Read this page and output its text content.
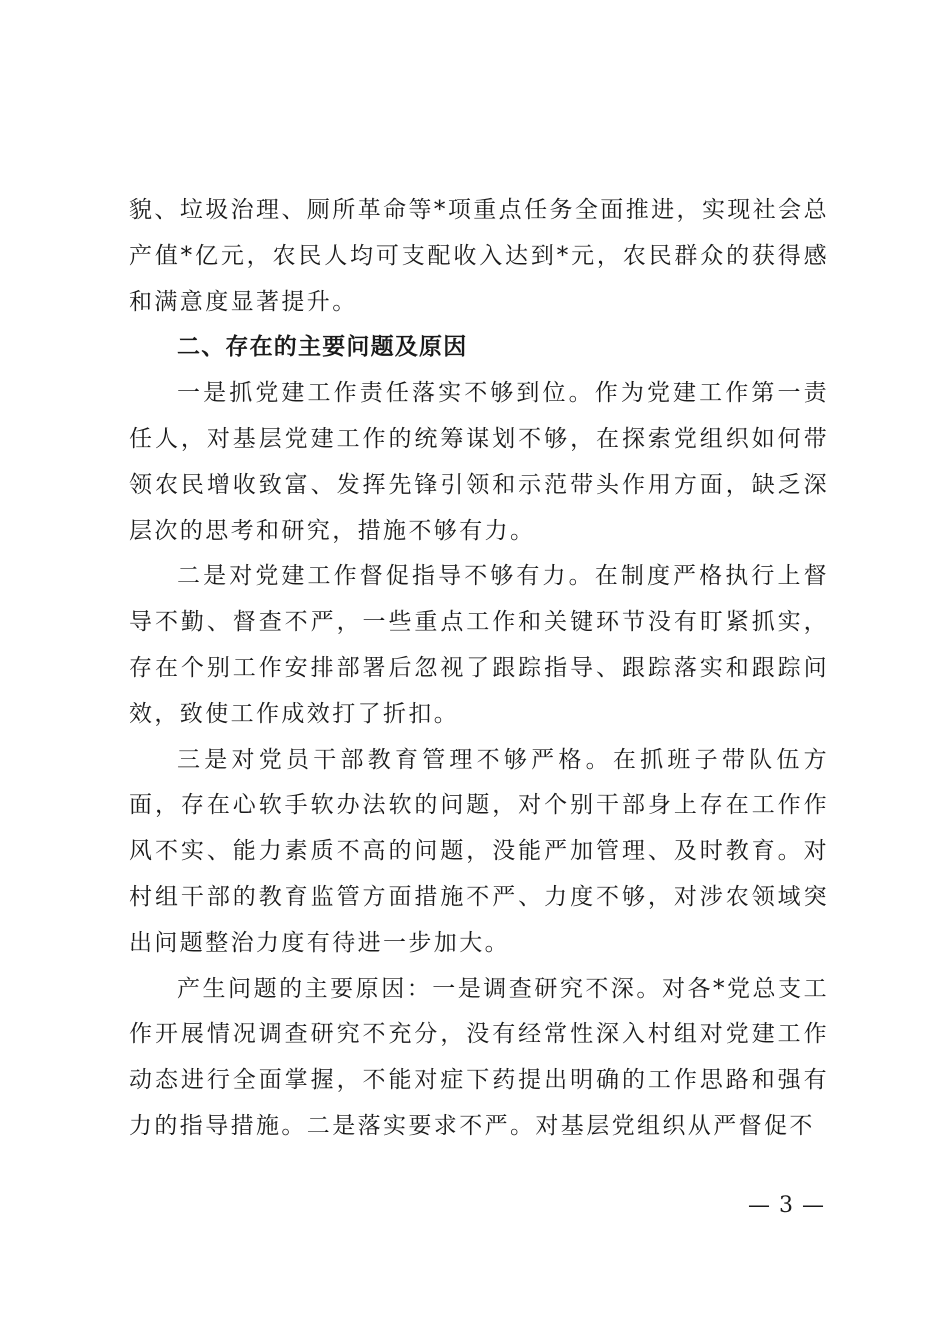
貌、垃圾治理、厕所革命等*项重点任务全面推进，实现社会总产值*亿元，农民人均可支配收入达到*元，农民群众的获得感和满意度显著提升。

二、存在的主要问题及原因

一是抓党建工作责任落实不够到位。作为党建工作第一责任人，对基层党建工作的统筹谋划不够，在探索党组织如何带领农民增收致富、发挥先锋引领和示范带头作用方面，缺乏深层次的思考和研究，措施不够有力。

二是对党建工作督促指导不够有力。在制度严格执行上督导不勤、督查不严，一些重点工作和关键环节没有盯紧抓实，存在个别工作安排部署后忽视了跟踪指导、跟踪落实和跟踪问效，致使工作成效打了折扣。

三是对党员干部教育管理不够严格。在抓班子带队伍方面，存在心软手软办法软的问题，对个别干部身上存在工作作风不实、能力素质不高的问题，没能严加管理、及时教育。对村组干部的教育监管方面措施不严、力度不够，对涉农领域突出问题整治力度有待进一步加大。

产生问题的主要原因：一是调查研究不深。对各*党总支工作开展情况调查研究不充分，没有经常性深入村组对党建工作动态进行全面掌握，不能对症下药提出明确的工作思路和强有力的指导措施。二是落实要求不严。对基层党组织从严督促不

— 3 —
